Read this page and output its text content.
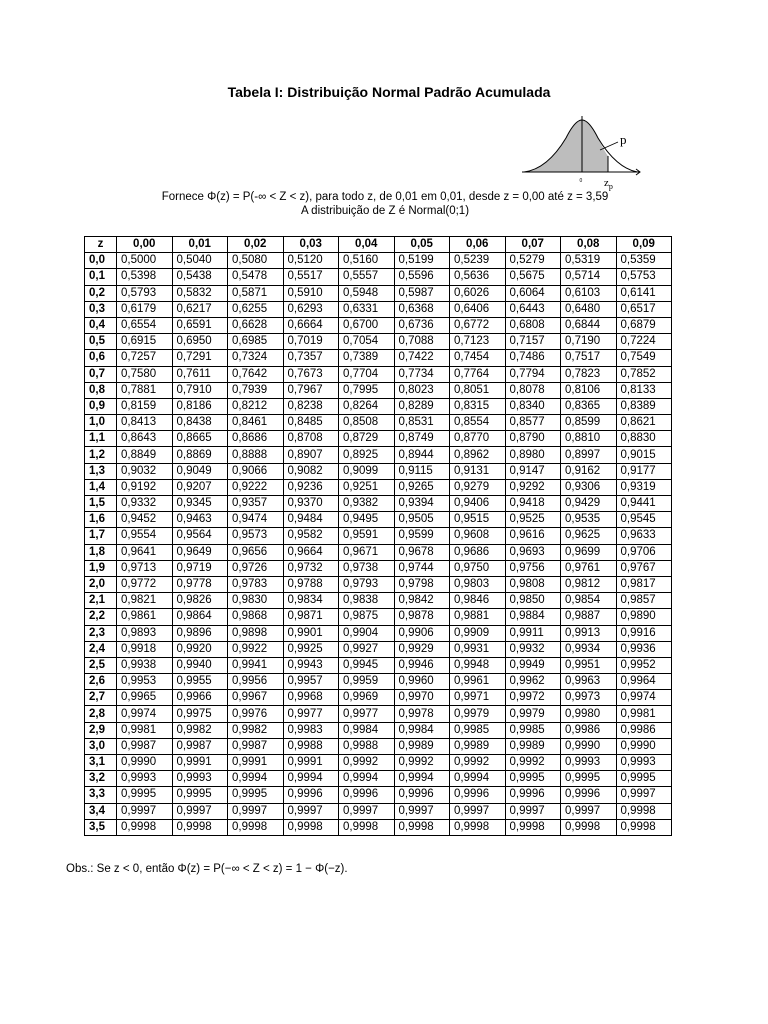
Tabela I: Distribuição Normal Padrão Acumulada
p
0 $z_p$
Fornece Φ(z) = P(-∞ < Z < z), para todo z, de 0,01 em 0,01, desde z = 0,00 até z = 3,59
A distribuição de Z é Normal(0;1)
z	0,00	0,01	0,02	0,03	0,04	0,05	0,06	0,07	0,08	0,09
0,0	0,5000	0,5040	0,5080	0,5120	0,5160	0,5199	0,5239	0,5279	0,5319	0,5359
0,1	0,5398	0,5438	0,5478	0,5517	0,5557	0,5596	0,5636	0,5675	0,5714	0,5753
0,2	0,5793	0,5832	0,5871	0,5910	0,5948	0,5987	0,6026	0,6064	0,6103	0,6141
0,3	0,6179	0,6217	0,6255	0,6293	0,6331	0,6368	0,6406	0,6443	0,6480	0,6517
0,4	0,6554	0,6591	0,6628	0,6664	0,6700	0,6736	0,6772	0,6808	0,6844	0,6879
0,5	0,6915	0,6950	0,6985	0,7019	0,7054	0,7088	0,7123	0,7157	0,7190	0,7224
0,6	0,7257	0,7291	0,7324	0,7357	0,7389	0,7422	0,7454	0,7486	0,7517	0,7549
0,7	0,7580	0,7611	0,7642	0,7673	0,7704	0,7734	0,7764	0,7794	0,7823	0,7852
0,8	0,7881	0,7910	0,7939	0,7967	0,7995	0,8023	0,8051	0,8078	0,8106	0,8133
0,9	0,8159	0,8186	0,8212	0,8238	0,8264	0,8289	0,8315	0,8340	0,8365	0,8389
1,0	0,8413	0,8438	0,8461	0,8485	0,8508	0,8531	0,8554	0,8577	0,8599	0,8621
1,1	0,8643	0,8665	0,8686	0,8708	0,8729	0,8749	0,8770	0,8790	0,8810	0,8830
1,2	0,8849	0,8869	0,8888	0,8907	0,8925	0,8944	0,8962	0,8980	0,8997	0,9015
1,3	0,9032	0,9049	0,9066	0,9082	0,9099	0,9115	0,9131	0,9147	0,9162	0,9177
1,4	0,9192	0,9207	0,9222	0,9236	0,9251	0,9265	0,9279	0,9292	0,9306	0,9319
1,5	0,9332	0,9345	0,9357	0,9370	0,9382	0,9394	0,9406	0,9418	0,9429	0,9441
1,6	0,9452	0,9463	0,9474	0,9484	0,9495	0,9505	0,9515	0,9525	0,9535	0,9545
1,7	0,9554	0,9564	0,9573	0,9582	0,9591	0,9599	0,9608	0,9616	0,9625	0,9633
1,8	0,9641	0,9649	0,9656	0,9664	0,9671	0,9678	0,9686	0,9693	0,9699	0,9706
1,9	0,9713	0,9719	0,9726	0,9732	0,9738	0,9744	0,9750	0,9756	0,9761	0,9767
2,0	0,9772	0,9778	0,9783	0,9788	0,9793	0,9798	0,9803	0,9808	0,9812	0,9817
2,1	0,9821	0,9826	0,9830	0,9834	0,9838	0,9842	0,9846	0,9850	0,9854	0,9857
2,2	0,9861	0,9864	0,9868	0,9871	0,9875	0,9878	0,9881	0,9884	0,9887	0,9890
2,3	0,9893	0,9896	0,9898	0,9901	0,9904	0,9906	0,9909	0,9911	0,9913	0,9916
2,4	0,9918	0,9920	0,9922	0,9925	0,9927	0,9929	0,9931	0,9932	0,9934	0,9936
2,5	0,9938	0,9940	0,9941	0,9943	0,9945	0,9946	0,9948	0,9949	0,9951	0,9952
2,6	0,9953	0,9955	0,9956	0,9957	0,9959	0,9960	0,9961	0,9962	0,9963	0,9964
2,7	0,9965	0,9966	0,9967	0,9968	0,9969	0,9970	0,9971	0,9972	0,9973	0,9974
2,8	0,9974	0,9975	0,9976	0,9977	0,9977	0,9978	0,9979	0,9979	0,9980	0,9981
2,9	0,9981	0,9982	0,9982	0,9983	0,9984	0,9984	0,9985	0,9985	0,9986	0,9986
3,0	0,9987	0,9987	0,9987	0,9988	0,9988	0,9989	0,9989	0,9989	0,9990	0,9990
3,1	0,9990	0,9991	0,9991	0,9991	0,9992	0,9992	0,9992	0,9992	0,9993	0,9993
3,2	0,9993	0,9993	0,9994	0,9994	0,9994	0,9994	0,9994	0,9995	0,9995	0,9995
3,3	0,9995	0,9995	0,9995	0,9996	0,9996	0,9996	0,9996	0,9996	0,9996	0,9997
3,4	0,9997	0,9997	0,9997	0,9997	0,9997	0,9997	0,9997	0,9997	0,9997	0,9998
3,5	0,9998	0,9998	0,9998	0,9998	0,9998	0,9998	0,9998	0,9998	0,9998	0,9998
Obs.: Se z < 0, então Φ(z) = P(−∞ < Z < z) = 1 − Φ(−z).
